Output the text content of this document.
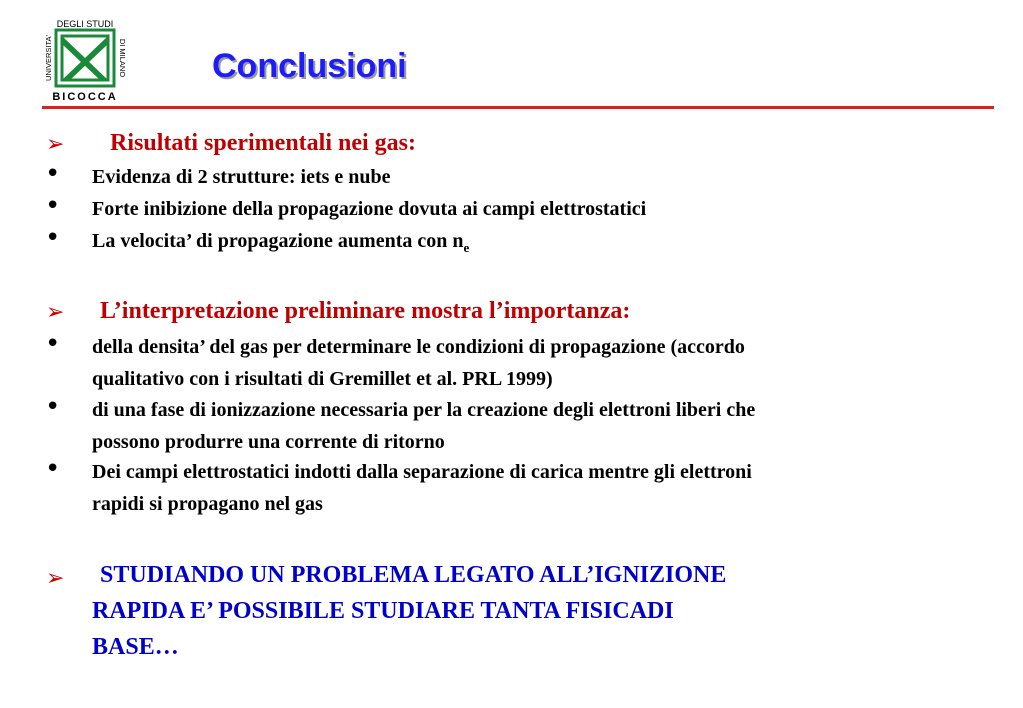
DEGLI STUDI
UNIVERSITA'	DI MILANO
BICOCCA
Conclusioni
➢ Risultati sperimentali nei gas:
• Evidenza di 2 strutture: iets e nube
• Forte inibizione della propagazione dovuta ai campi elettrostatici
• La velocita’ di propagazione aumenta con $n_e$
➢ L’interpretazione preliminare mostra l’importanza:
• della densita’ del gas per determinare le condizioni di propagazione (accordo
qualitativo con i risultati di Gremillet et al. PRL 1999)
• di una fase di ionizzazione necessaria per la creazione degli elettroni liberi che
possono produrre una corrente di ritorno
• Dei campi elettrostatici indotti dalla separazione di carica mentre gli elettroni
rapidi si propagano nel gas
➢ STUDIANDO UN PROBLEMA LEGATO ALL’IGNIZIONE
RAPIDA E’ POSSIBILE STUDIARE TANTA FISICADI
BASE…
